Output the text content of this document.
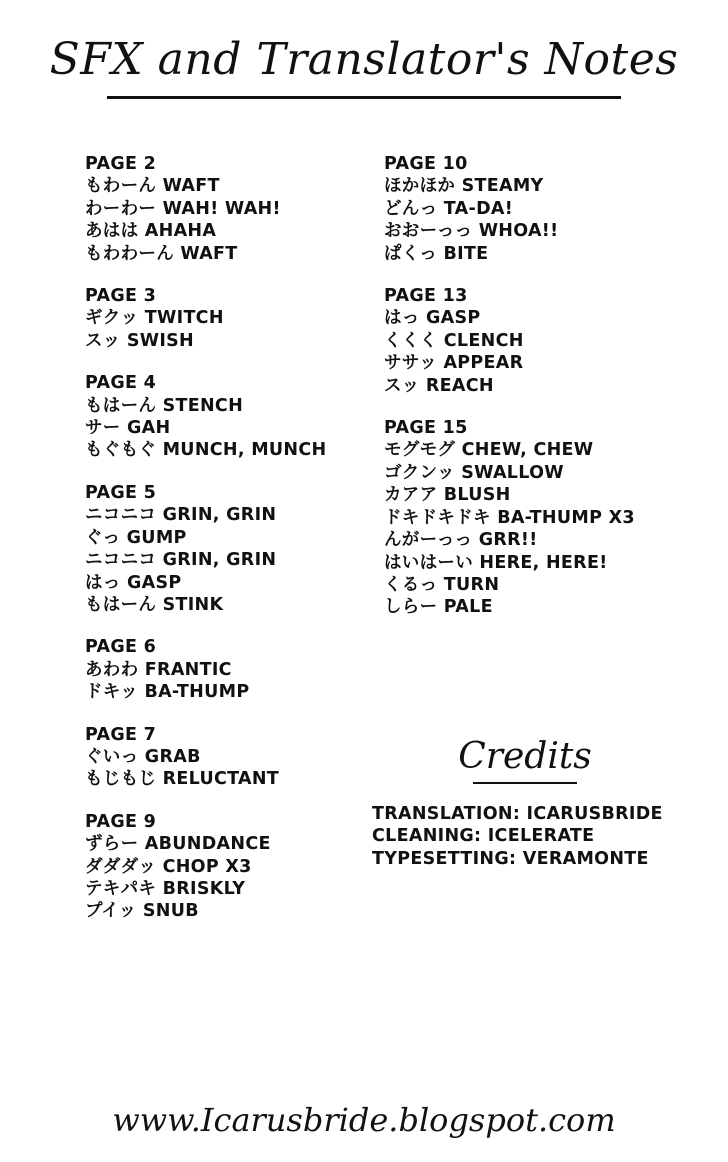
SFX and Translator's Notes
PAGE 2
もわーん WAFT
わーわー WAH! WAH!
あはは AHAHA
もわわーん WAFT
PAGE 3
ギクッ TWITCH
スッ SWISH
PAGE 4
もはーん STENCH
サー GAH
もぐもぐ MUNCH, MUNCH
PAGE 5
ニコニコ GRIN, GRIN
ぐっ GUMP
ニコニコ GRIN, GRIN
はっ GASP
もはーん STINK
PAGE 6
あわわ FRANTIC
ドキッ BA-THUMP
PAGE 7
ぐいっ GRAB
もじもじ RELUCTANT
PAGE 9
ずらー ABUNDANCE
ダダダッ CHOP X3
テキパキ BRISKLY
プイッ SNUB
PAGE 10
ほかほか STEAMY
どんっ TA-DA!
おおーっっ WHOA!!
ぱくっ BITE
PAGE 13
はっ GASP
くくく CLENCH
ササッ APPEAR
スッ REACH
PAGE 15
モグモグ CHEW, CHEW
ゴクンッ SWALLOW
カアア BLUSH
ドキドキドキ BA-THUMP X3
んがーっっ GRR!!
はいはーい HERE, HERE!
くるっ TURN
しらー PALE
Credits
TRANSLATION: ICARUSBRIDE
CLEANING: ICELERATE
TYPESETTING: VERAMONTE
www.Icarusbride.blogspot.com
